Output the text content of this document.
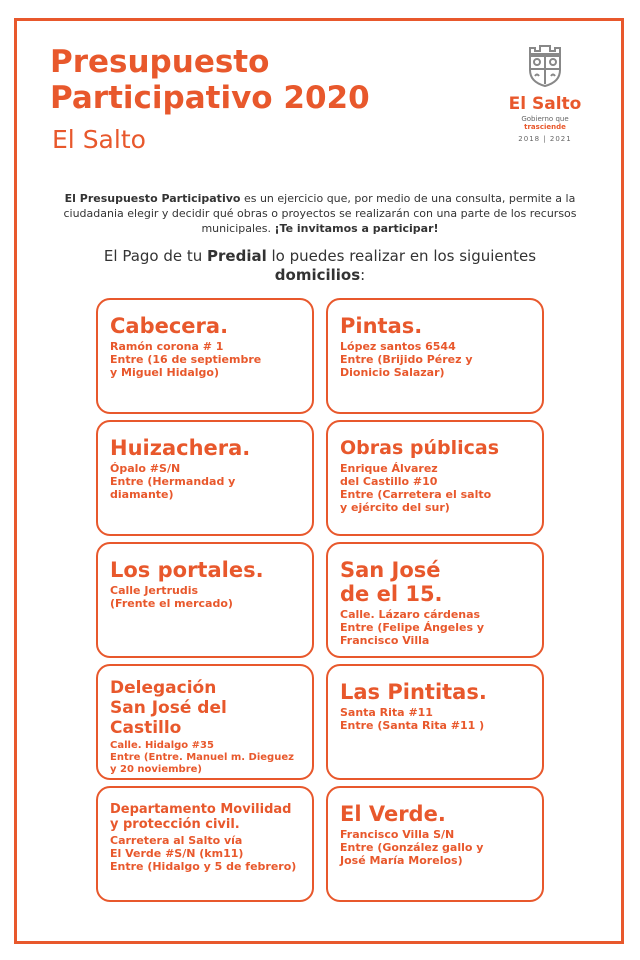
Presupuesto
Participativo 2020
El Salto
El Salto
Gobierno que trasciende
2018 | 2021
El Presupuesto Participativo es un ejercicio que, por medio de una consulta, permite a la ciudadania elegir y decidir qué obras o proyectos se realizarán con una parte de los recursos municipales. ¡Te invitamos a participar!
El Pago de tu Predial lo puedes realizar en los siguientes domicilios:
Cabecera.

Ramón corona # 1
Entre (16 de septiembre
y Miguel Hidalgo)

Pintas.

López santos 6544
Entre (Brijido Pérez y
Dionicio Salazar)

Huizachera.

Ópalo #S/N
Entre (Hermandad y
diamante)

Obras públicas

Enrique Álvarez
del Castillo #10
Entre (Carretera el salto
y ejército del sur)

Los portales.

Calle Jertrudis
(Frente el mercado)

San José
de el 15.

Calle. Lázaro cárdenas
Entre (Felipe Ángeles y
Francisco Villa

Delegación
San José del
Castillo

Calle. Hidalgo #35
Entre (Entre. Manuel m. Dieguez
y 20 noviembre)

Las Pintitas.

Santa Rita #11
Entre (Santa Rita #11 )

Departamento Movilidad
y protección civil.

Carretera al Salto vía
El Verde #S/N (km11)
Entre (Hidalgo y 5 de febrero)

El Verde.

Francisco Villa S/N
Entre (González gallo y
José María Morelos)
